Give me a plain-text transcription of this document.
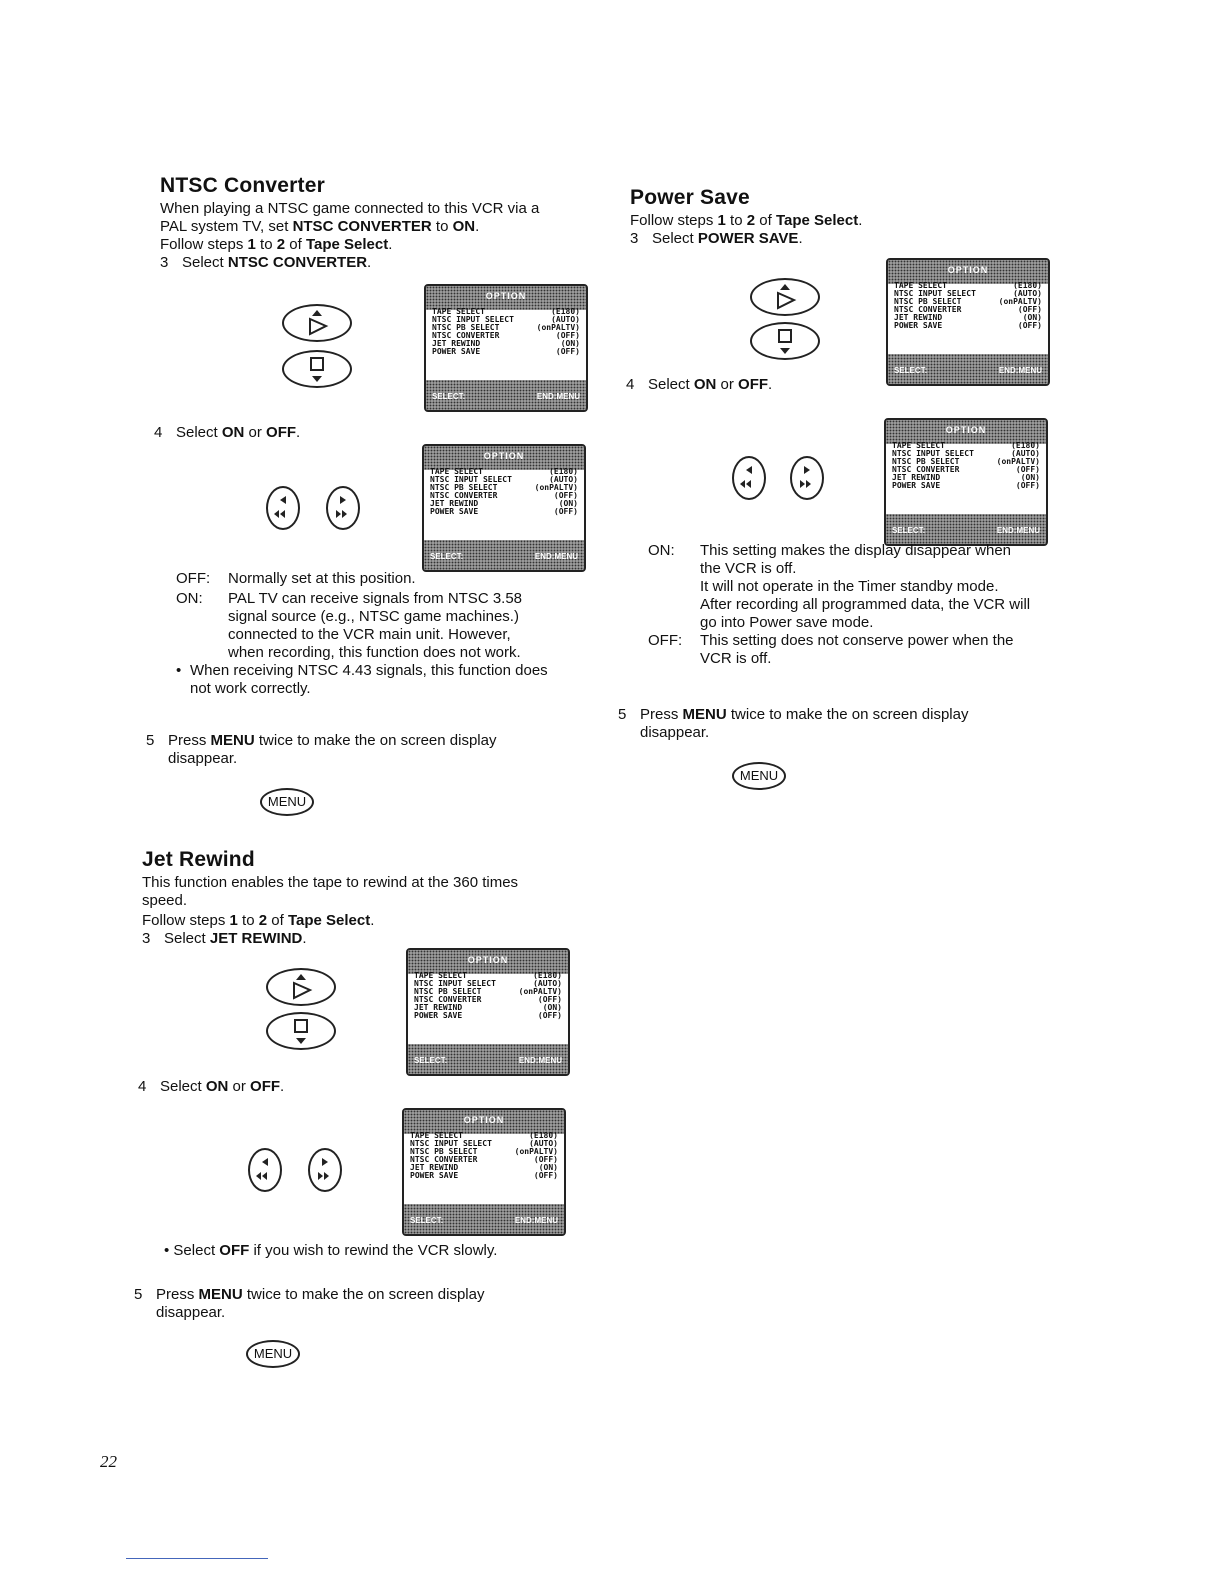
NTSC Converter
When playing a NTSC game connected to this VCR via a
PAL system TV, set NTSC CONVERTER to ON.
Follow steps 1 to 2 of Tape Select.
3 Select NTSC CONVERTER.
OPTION
TAPE SELECT	(E180)
NTSC INPUT SELECT	(AUTO)
NTSC PB SELECT	(onPALTV)
NTSC CONVERTER	(OFF)
JET REWIND	(ON)
POWER SAVE	(OFF)
SELECT:	END:MENU
4 Select ON or OFF.
OPTION
TAPE SELECT	(E180)
NTSC INPUT SELECT	(AUTO)
NTSC PB SELECT	(onPALTV)
NTSC CONVERTER	(OFF)
JET REWIND	(ON)
POWER SAVE	(OFF)
SELECT:	END:MENU
OFF:	Normally set at this position.
ON:	PAL TV can receive signals from NTSC 3.58
signal source (e.g., NTSC game machines.)
connected to the VCR main unit. However,
when recording, this function does not work.
• When receiving NTSC 4.43 signals, this function does
not work correctly.
5 Press MENU twice to make the on screen display
disappear.
MENU
Jet Rewind
This function enables the tape to rewind at the 360 times
speed.
Follow steps 1 to 2 of Tape Select.
3 Select JET REWIND.
OPTION
TAPE SELECT	(E180)
NTSC INPUT SELECT	(AUTO)
NTSC PB SELECT	(onPALTV)
NTSC CONVERTER	(OFF)
JET REWIND	(ON)
POWER SAVE	(OFF)
SELECT:	END:MENU
4 Select ON or OFF.
OPTION
TAPE SELECT	(E180)
NTSC INPUT SELECT	(AUTO)
NTSC PB SELECT	(onPALTV)
NTSC CONVERTER	(OFF)
JET REWIND	(ON)
POWER SAVE	(OFF)
SELECT:	END:MENU
• Select OFF if you wish to rewind the VCR slowly.
5 Press MENU twice to make the on screen display
disappear.
MENU
Power Save
Follow steps 1 to 2 of Tape Select.
3 Select POWER SAVE.
OPTION
TAPE SELECT	(E180)
NTSC INPUT SELECT	(AUTO)
NTSC PB SELECT	(onPALTV)
NTSC CONVERTER	(OFF)
JET REWIND	(ON)
POWER SAVE	(OFF)
SELECT:	END:MENU
4 Select ON or OFF.
OPTION
TAPE SELECT	(E180)
NTSC INPUT SELECT	(AUTO)
NTSC PB SELECT	(onPALTV)
NTSC CONVERTER	(OFF)
JET REWIND	(ON)
POWER SAVE	(OFF)
SELECT:	END:MENU
ON:	This setting makes the display disappear when
the VCR is off.
It will not operate in the Timer standby mode.
After recording all programmed data, the VCR will
go into Power save mode.
OFF:	This setting does not conserve power when the
VCR is off.
5 Press MENU twice to make the on screen display
disappear.
MENU
22
